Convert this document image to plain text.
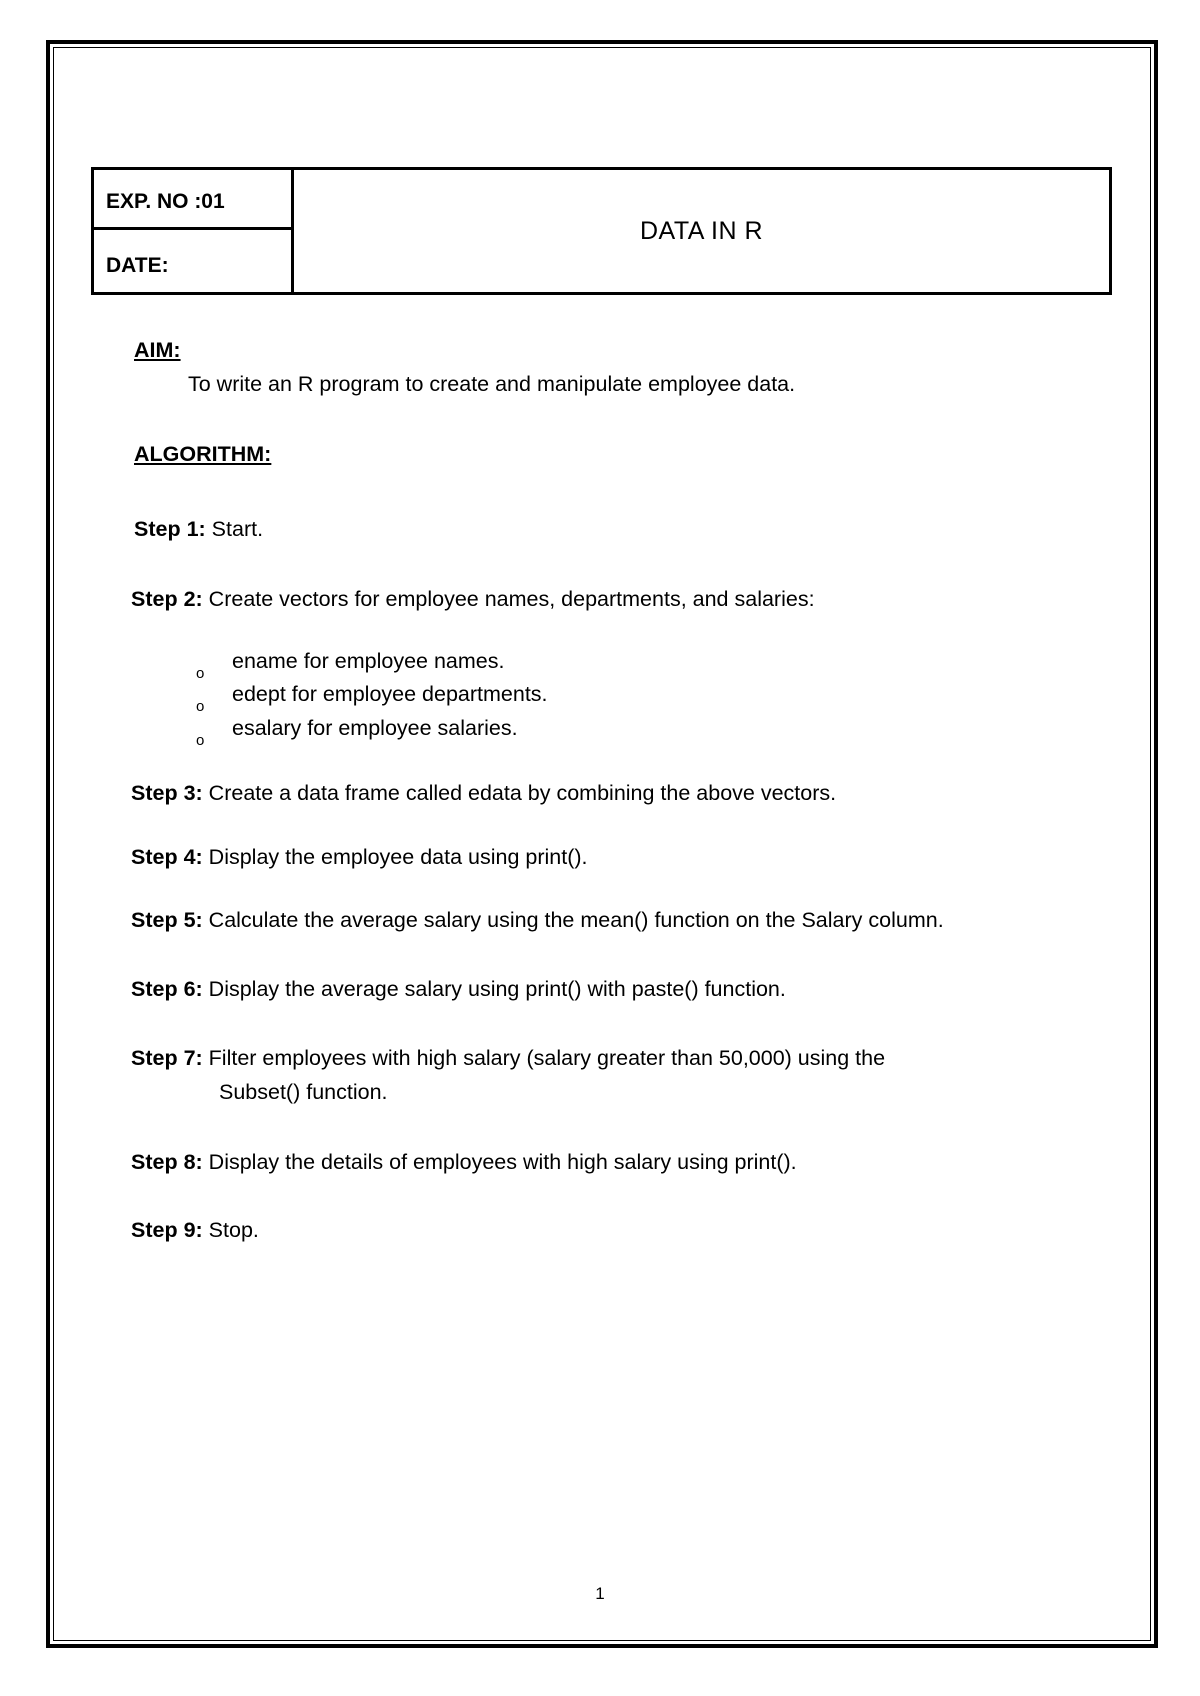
EXP. NO :01
DATE:
DATA IN R
AIM:
To write an R program to create and manipulate employee data.
ALGORITHM:
Step 1: Start.
Step 2: Create vectors for employee names, departments, and salaries:
o
ename for employee names.
o
edept for employee departments.
o
esalary for employee salaries.
Step 3: Create a data frame called edata by combining the above vectors.
Step 4: Display the employee data using print().
Step 5: Calculate the average salary using the mean() function on the Salary column.
Step 6: Display the average salary using print() with paste() function.
Step 7: Filter employees with high salary (salary greater than 50,000) using the
Subset() function.
Step 8: Display the details of employees with high salary using print().
Step 9: Stop.
1
